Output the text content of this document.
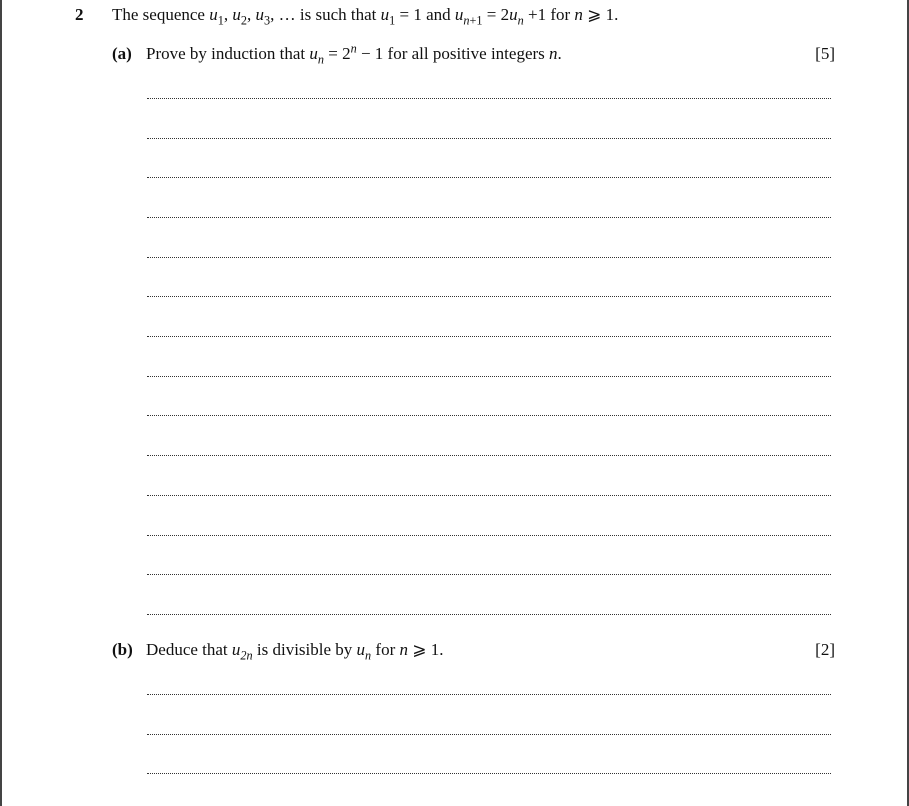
2 The sequence $u_1$, $u_2$, $u_3$, … is such that $u_1 = 1$ and $u_{n+1} = 2u_n +1$ for n ⩾ 1.
(a) Prove by induction that $u_n = 2^n - 1$ for all positive integers n.	[5]
(b) Deduce that $u_{2n}$ is divisible by $u_n$ for n ⩾ 1.	[2]
